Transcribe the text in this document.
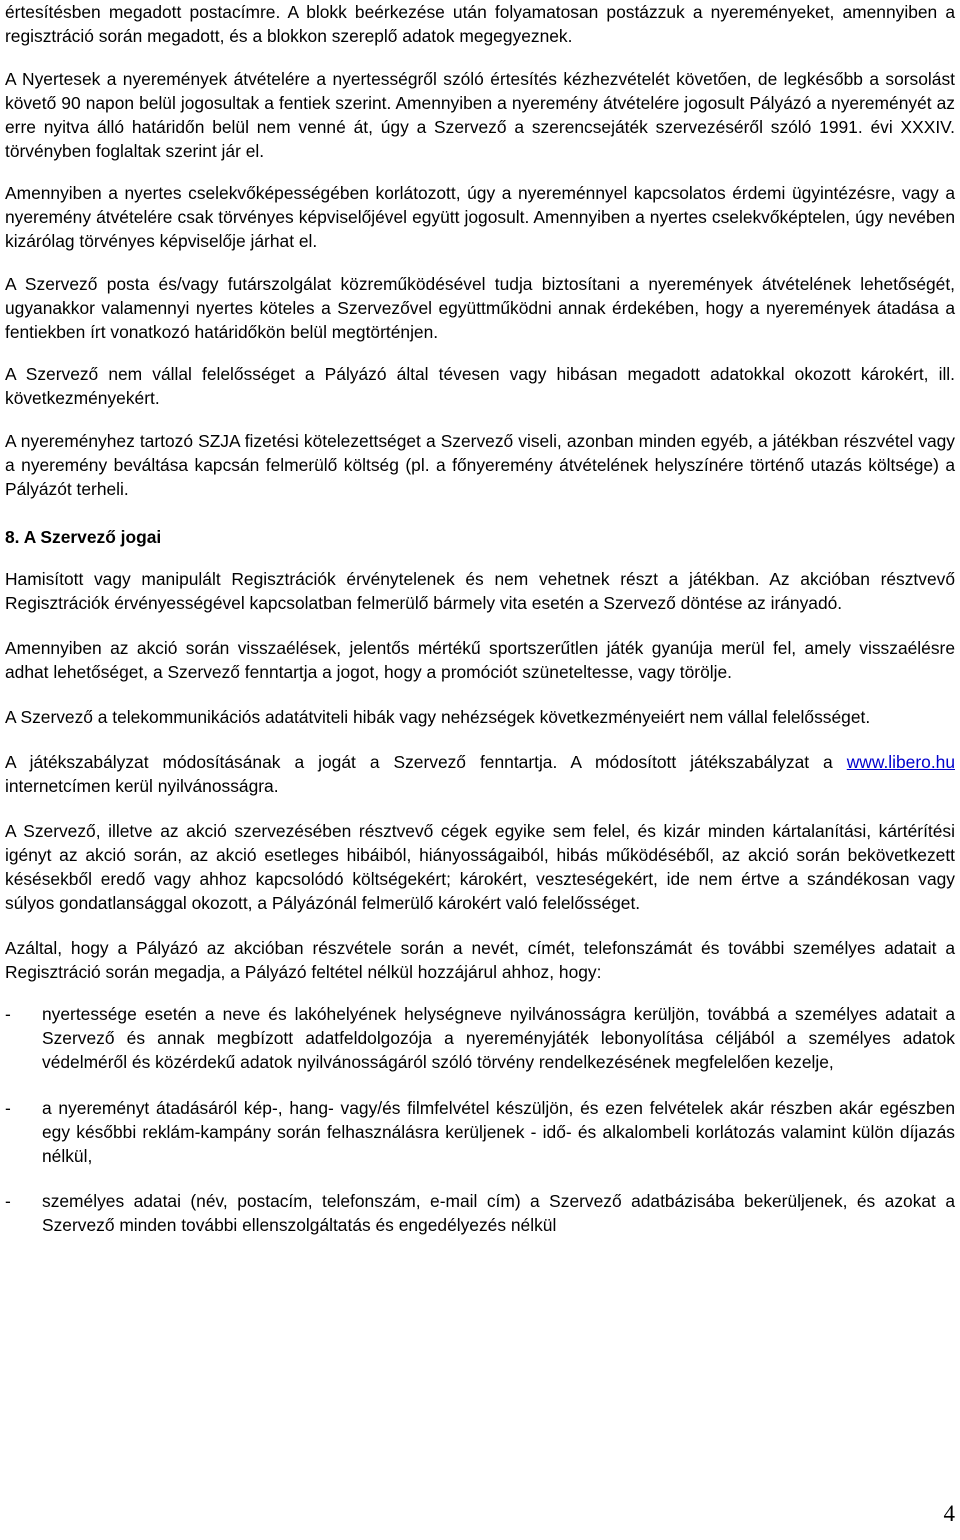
értesítésben megadott postacímre. A blokk beérkezése után folyamatosan postázzuk a nyereményeket, amennyiben a regisztráció során megadott, és a blokkon szereplő adatok megegyeznek.

A Nyertesek a nyeremények átvételére a nyertességről szóló értesítés kézhezvételét követően, de legkésőbb a sorsolást követő 90 napon belül jogosultak a fentiek szerint. Amennyiben a nyeremény átvételére jogosult Pályázó a nyereményét az erre nyitva álló határidőn belül nem venné át, úgy a Szervező a szerencsejáték szervezéséről szóló 1991. évi XXXIV. törvényben foglaltak szerint jár el.

Amennyiben a nyertes cselekvőképességében korlátozott, úgy a nyereménnyel kapcsolatos érdemi ügyintézésre, vagy a nyeremény átvételére csak törvényes képviselőjével együtt jogosult. Amennyiben a nyertes cselekvőképtelen, úgy nevében kizárólag törvényes képviselője járhat el.

A Szervező posta és/vagy futárszolgálat közreműködésével tudja biztosítani a nyeremények átvételének lehetőségét, ugyanakkor valamennyi nyertes köteles a Szervezővel együttműködni annak érdekében, hogy a nyeremények átadása a fentiekben írt vonatkozó határidőkön belül megtörténjen.

A Szervező nem vállal felelősséget a Pályázó által tévesen vagy hibásan megadott adatokkal okozott károkért, ill. következményekért.

A nyereményhez tartozó SZJA fizetési kötelezettséget a Szervező viseli, azonban minden egyéb, a játékban részvétel vagy a nyeremény beváltása kapcsán felmerülő költség (pl. a főnyeremény átvételének helyszínére történő utazás költsége) a Pályázót terheli.

8. A Szervező jogai

Hamisított vagy manipulált Regisztrációk érvénytelenek és nem vehetnek részt a játékban. Az akcióban résztvevő Regisztrációk érvényességével kapcsolatban felmerülő bármely vita esetén a Szervező döntése az irányadó.

Amennyiben az akció során visszaélések, jelentős mértékű sportszerűtlen játék gyanúja merül fel, amely visszaélésre adhat lehetőséget, a Szervező fenntartja a jogot, hogy a promóciót szüneteltesse, vagy törölje.

A Szervező a telekommunikációs adatátviteli hibák vagy nehézségek következményeiért nem vállal felelősséget.

A játékszabályzat módosításának a jogát a Szervező fenntartja. A módosított játékszabályzat a www.libero.hu internetcímen kerül nyilvánosságra.

A Szervező, illetve az akció szervezésében résztvevő cégek egyike sem felel, és kizár minden kártalanítási, kártérítési igényt az akció során, az akció esetleges hibáiból, hiányosságaiból, hibás működéséből, az akció során bekövetkezett késésekből eredő vagy ahhoz kapcsolódó költségekért; károkért, veszteségekért, ide nem értve a szándékosan vagy súlyos gondatlansággal okozott, a Pályázónál felmerülő károkért való felelősséget.

Azáltal, hogy a Pályázó az akcióban részvétele során a nevét, címét, telefonszámát és további személyes adatait a Regisztráció során megadja, a Pályázó feltétel nélkül hozzájárul ahhoz, hogy:

- nyertessége esetén a neve és lakóhelyének helységneve nyilvánosságra kerüljön, továbbá a személyes adatait a Szervező és annak megbízott adatfeldolgozója a nyereményjáték lebonyolítása céljából a személyes adatok védelméről és közérdekű adatok nyilvánosságáról szóló törvény rendelkezésének megfelelően kezelje,
- a nyereményt átadásáról kép-, hang- vagy/és filmfelvétel készüljön, és ezen felvételek akár részben akár egészben egy későbbi reklám-kampány során felhasználásra kerüljenek - idő- és alkalombeli korlátozás valamint külön díjazás nélkül,
- személyes adatai (név, postacím, telefonszám, e-mail cím) a Szervező adatbázisába bekerüljenek, és azokat a Szervező minden további ellenszolgáltatás és engedélyezés nélkül
4
